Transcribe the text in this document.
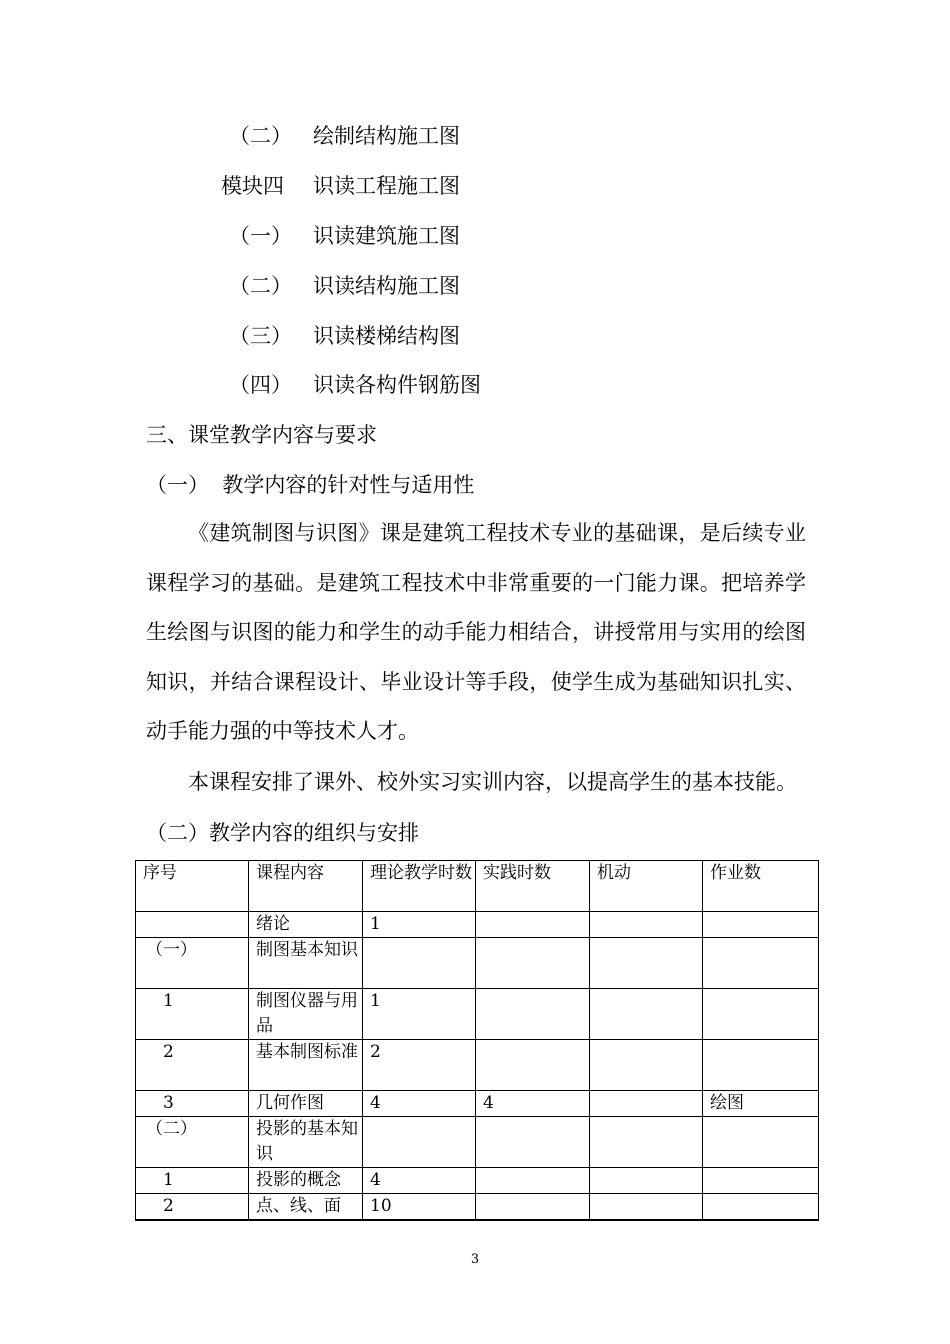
（二） 绘制结构施工图
模块四 识读工程施工图
（一） 识读建筑施工图
（二） 识读结构施工图
（三） 识读楼梯结构图
（四） 识读各构件钢筋图
三、课堂教学内容与要求
（一）  教学内容的针对性与适用性
《建筑制图与识图》课是建筑工程技术专业的基础课，是后续专业课程学习的基础。是建筑工程技术中非常重要的一门能力课。把培养学生绘图与识图的能力和学生的动手能力相结合，讲授常用与实用的绘图知识，并结合课程设计、毕业设计等手段，使学生成为基础知识扎实、动手能力强的中等技术人才。
本课程安排了课外、校外实习实训内容，以提高学生的基本技能。
（二）教学内容的组织与安排
序号	课程内容	理论教学时数	实践时数	机动	作业数
	绪论	1			

（一）	制图基本知识				

1	制图仪器与用品	1			

2	基本制图标准	2			

3	几何作图	4	4		绘图

（二）	投影的基本知识				

1	投影的概念	4			

2	点、线、面	10			
3
